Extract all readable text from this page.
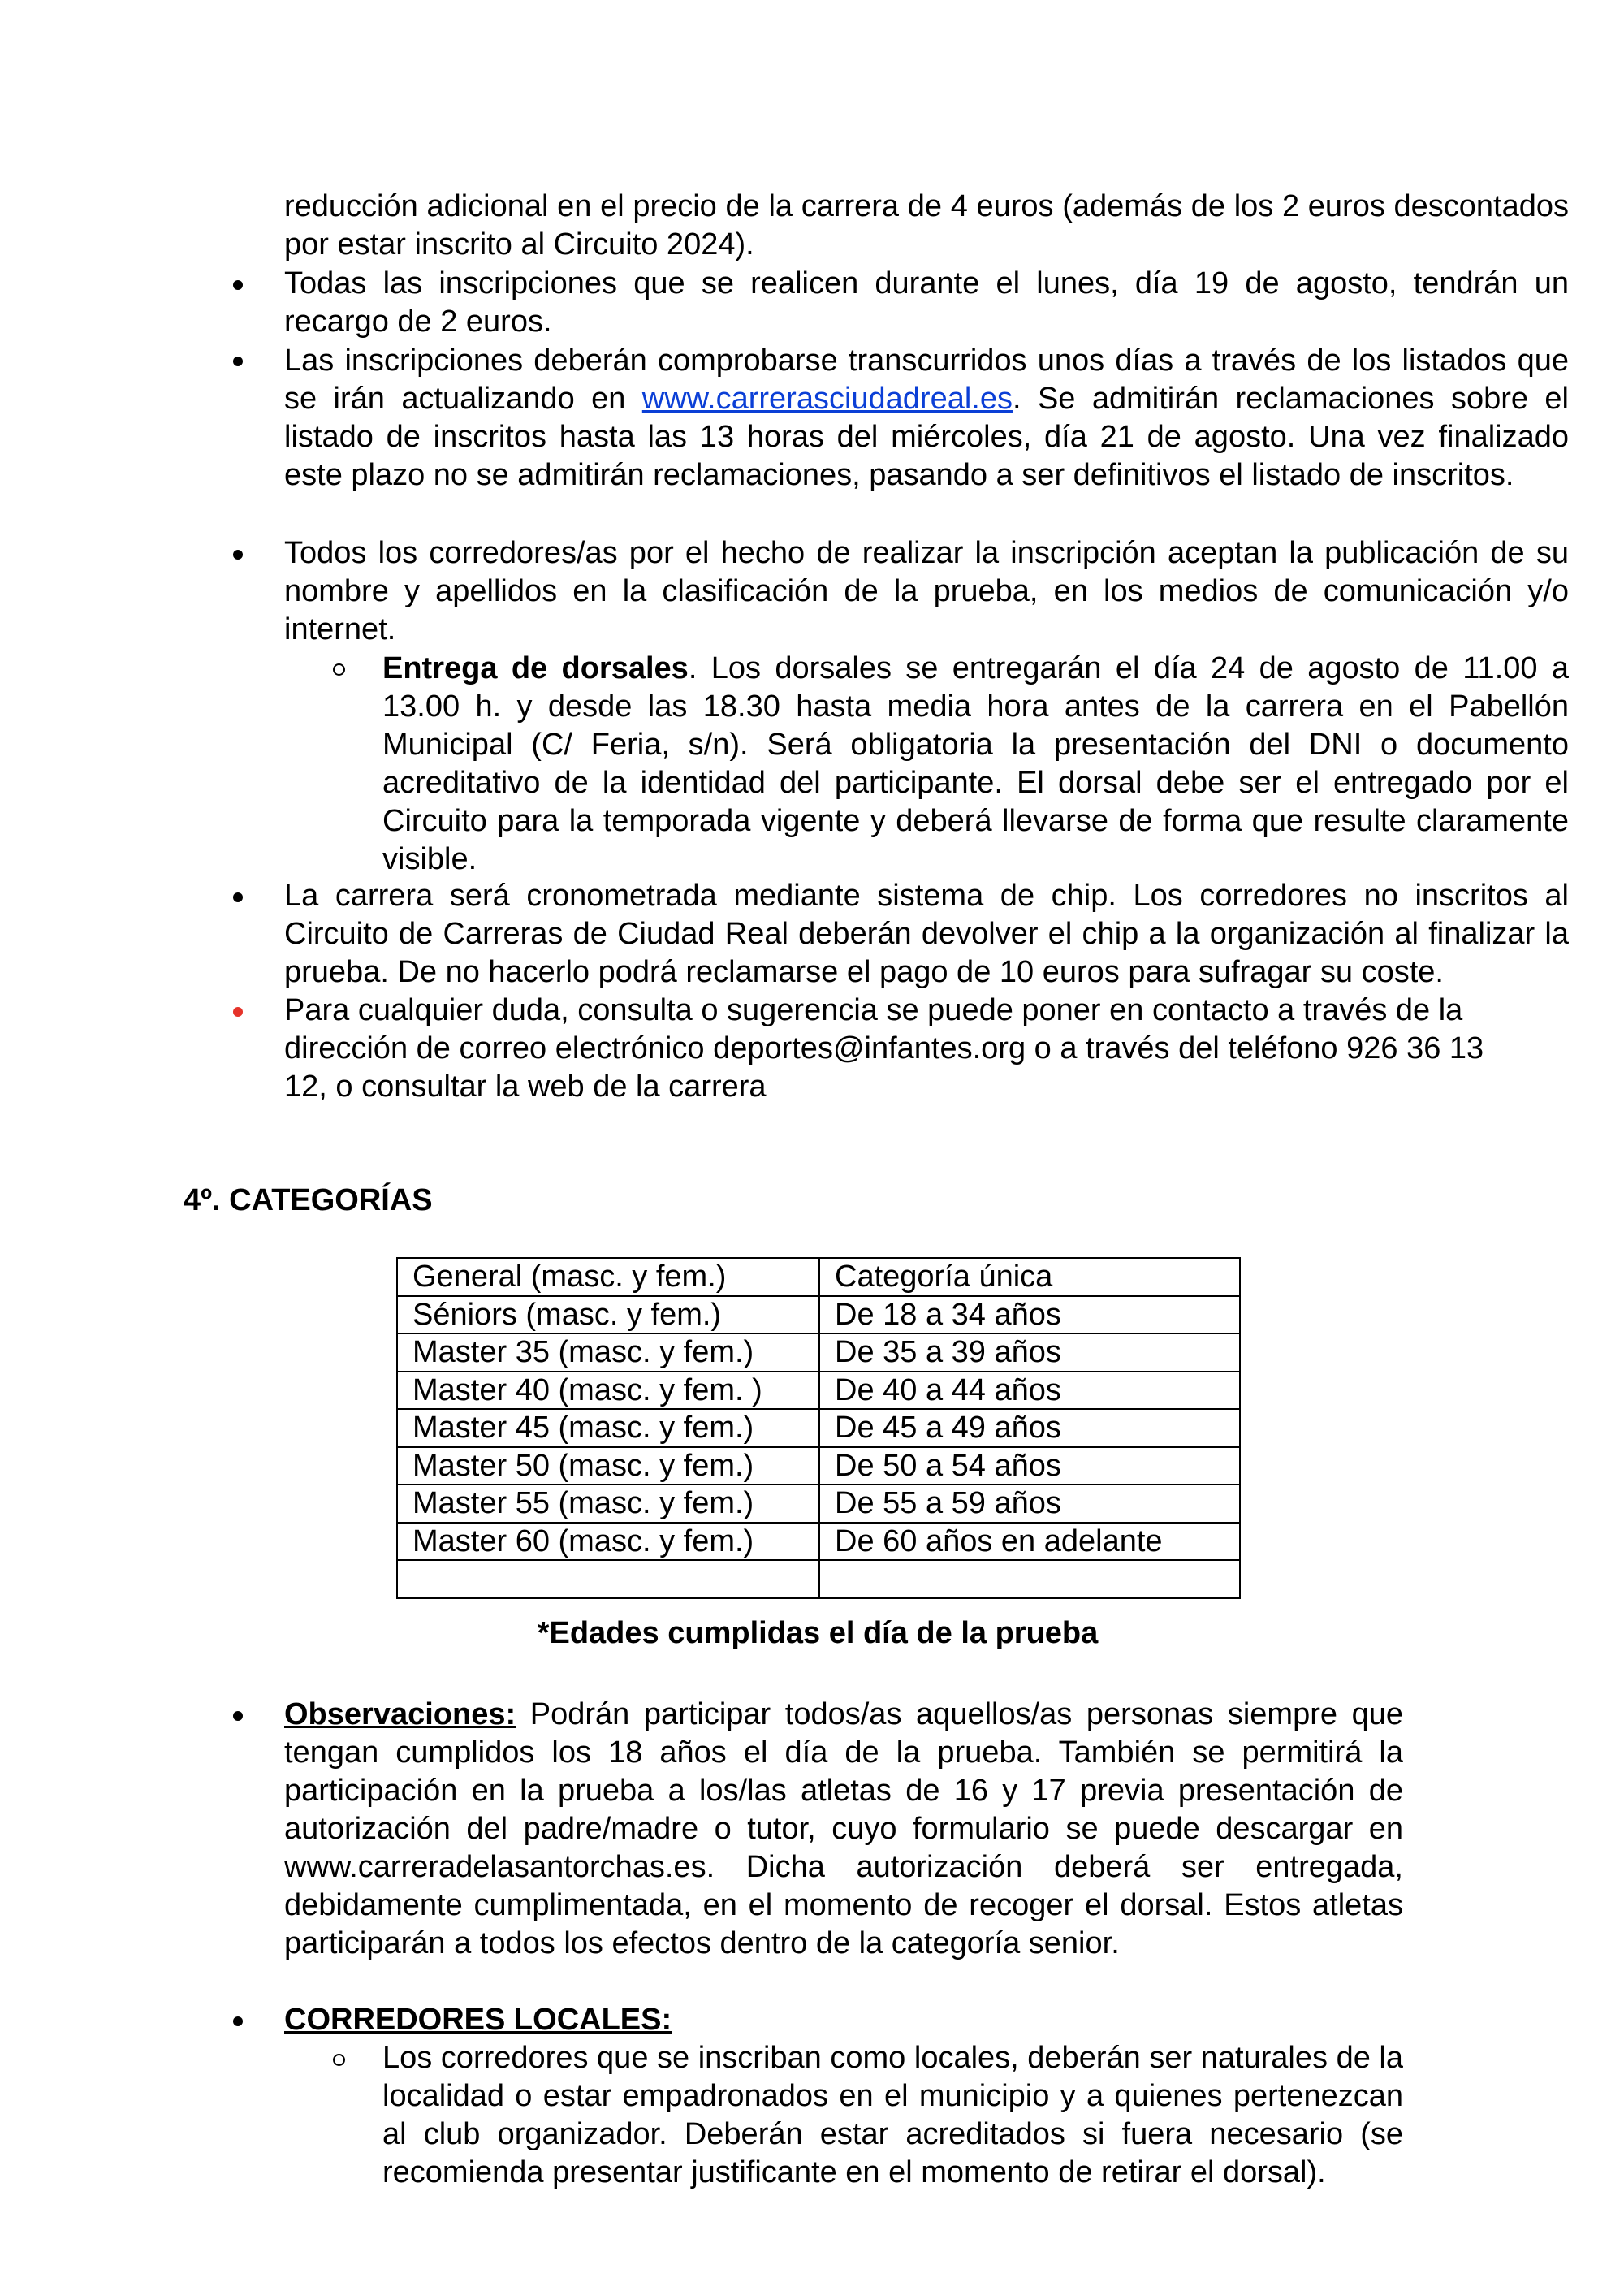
reducción adicional en el precio de la carrera de 4 euros (además de los 2 euros descontados por estar inscrito al Circuito 2024).

Todas las inscripciones que se realicen durante el lunes, día 19 de agosto, tendrán un recargo de 2 euros.

Las inscripciones deberán comprobarse transcurridos unos días a través de los listados que se irán actualizando en www.carrerasciudadreal.es. Se admitirán reclamaciones sobre el listado de inscritos hasta las 13 horas del miércoles, día 21 de agosto. Una vez finalizado este plazo no se admitirán reclamaciones, pasando a ser definitivos el listado de inscritos.

Todos los corredores/as por el hecho de realizar la inscripción aceptan la publicación de su nombre y apellidos en la clasificación de la prueba, en los medios de comunicación y/o internet.

Entrega de dorsales. Los dorsales se entregarán el día 24 de agosto de 11.00 a 13.00 h. y desde las 18.30 hasta media hora antes de la carrera en el Pabellón Municipal (C/ Feria, s/n). Será obligatoria la presentación del DNI o documento acreditativo de la identidad del participante. El dorsal debe ser el entregado por el Circuito para la temporada vigente y deberá llevarse de forma que resulte claramente visible.

La carrera será cronometrada mediante sistema de chip. Los corredores no inscritos al Circuito de Carreras de Ciudad Real deberán devolver el chip a la organización al finalizar la prueba. De no hacerlo podrá reclamarse el pago de 10 euros para sufragar su coste.

Para cualquier duda, consulta o sugerencia se puede poner en contacto a través de la

dirección de correo electrónico deportes@infantes.org o a través del teléfono 926 36 13

12, o consultar la web de la carrera

4º. CATEGORÍAS
General (masc. y fem.)	Categoría única
Séniors (masc. y fem.)	De 18 a 34 años
Master 35 (masc. y fem.)	De 35 a 39 años
Master 40 (masc. y fem. )	De 40 a 44 años
Master 45 (masc. y fem.)	De 45 a 49 años
Master 50 (masc. y fem.)	De 50 a 54 años
Master 55 (masc. y fem.)	De 55 a 59 años
Master 60 (masc. y fem.)	De 60 años en adelante

*Edades cumplidas el día de la prueba

Observaciones: Podrán participar todos/as aquellos/as personas siempre que tengan cumplidos los 18 años el día de la prueba. También se permitirá la participación en la prueba a los/las atletas de 16 y 17 previa presentación de autorización del padre/madre o tutor, cuyo formulario se puede descargar en www.carreradelasantorchas.es. Dicha autorización deberá ser entregada, debidamente cumplimentada, en el momento de recoger el dorsal. Estos atletas participarán a todos los efectos dentro de la categoría senior.

CORREDORES LOCALES:

Los corredores que se inscriban como locales, deberán ser naturales de la localidad o estar empadronados en el municipio y a quienes pertenezcan al club organizador. Deberán estar acreditados si fuera necesario (se recomienda presentar justificante en el momento de retirar el dorsal).
